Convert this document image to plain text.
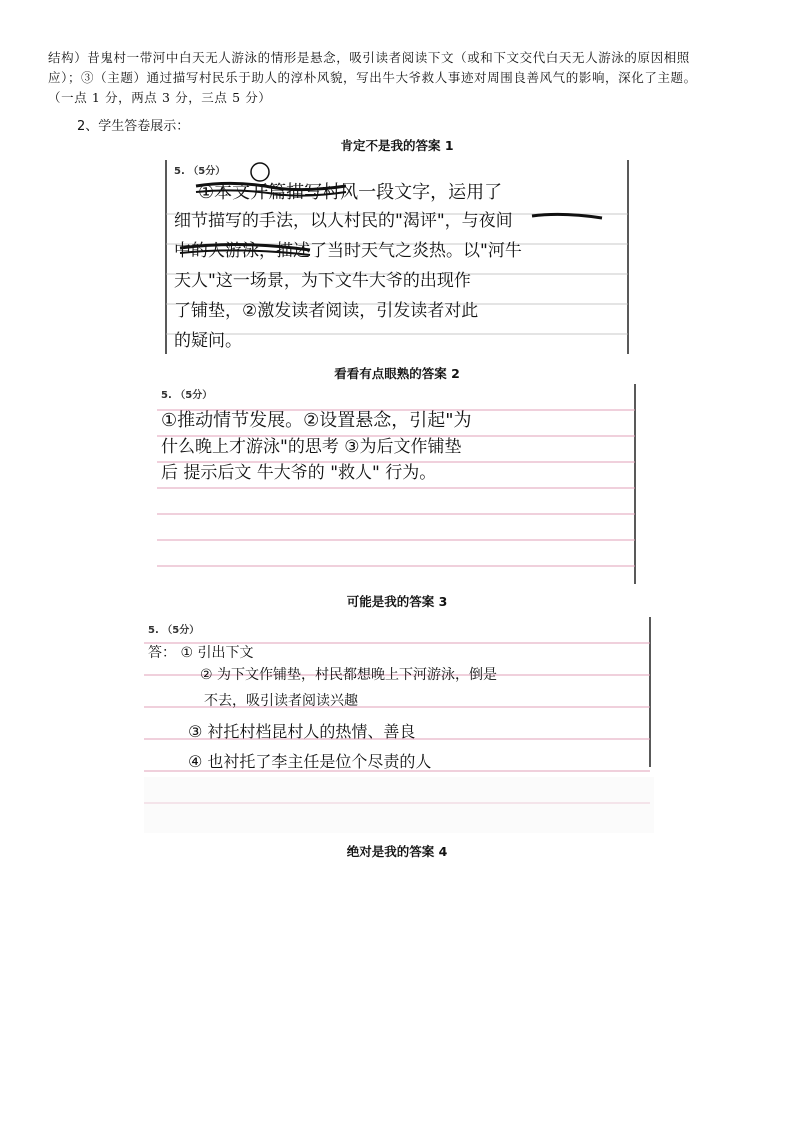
结构）昔鬼村一带河中白天无人游泳的情形是悬念，吸引读者阅读下文（或和下文交代白天无人游泳的原因相照

应）；③（主题）通过描写村民乐于助人的淳朴风貌，写出牛大爷救人事迹对周围良善风气的影响，深化了主题。

（一点 1 分，两点 3 分，三点 5 分）

2、学生答卷展示：
肯定不是我的答案 1
5. （5分）
①本文开篇描写村风一段文字，运用了
细节描写的手法，以人村民的"渴评"，与夜间
中的人游泳，描述了当时天气之炎热。以"河牛
天人"这一场景，为下文牛大爷的出现作
了铺垫，②激发读者阅读，引发读者对此
的疑问。
看看有点眼熟的答案 2
5. （5分）
①推动情节发展。②设置悬念，引起"为
什么晚上才游泳"的思考 ③为后文作铺垫
后 提示后文 牛大爷的 "救人" 行为。
可能是我的答案 3
5. （5分）
答： ① 引出下文
② 为下文作铺垫，村民都想晚上下河游泳，倒是
不去，吸引读者阅读兴趣
③ 衬托村档昆村人的热情、善良
④ 也衬托了李主任是位个尽责的人
绝对是我的答案 4
